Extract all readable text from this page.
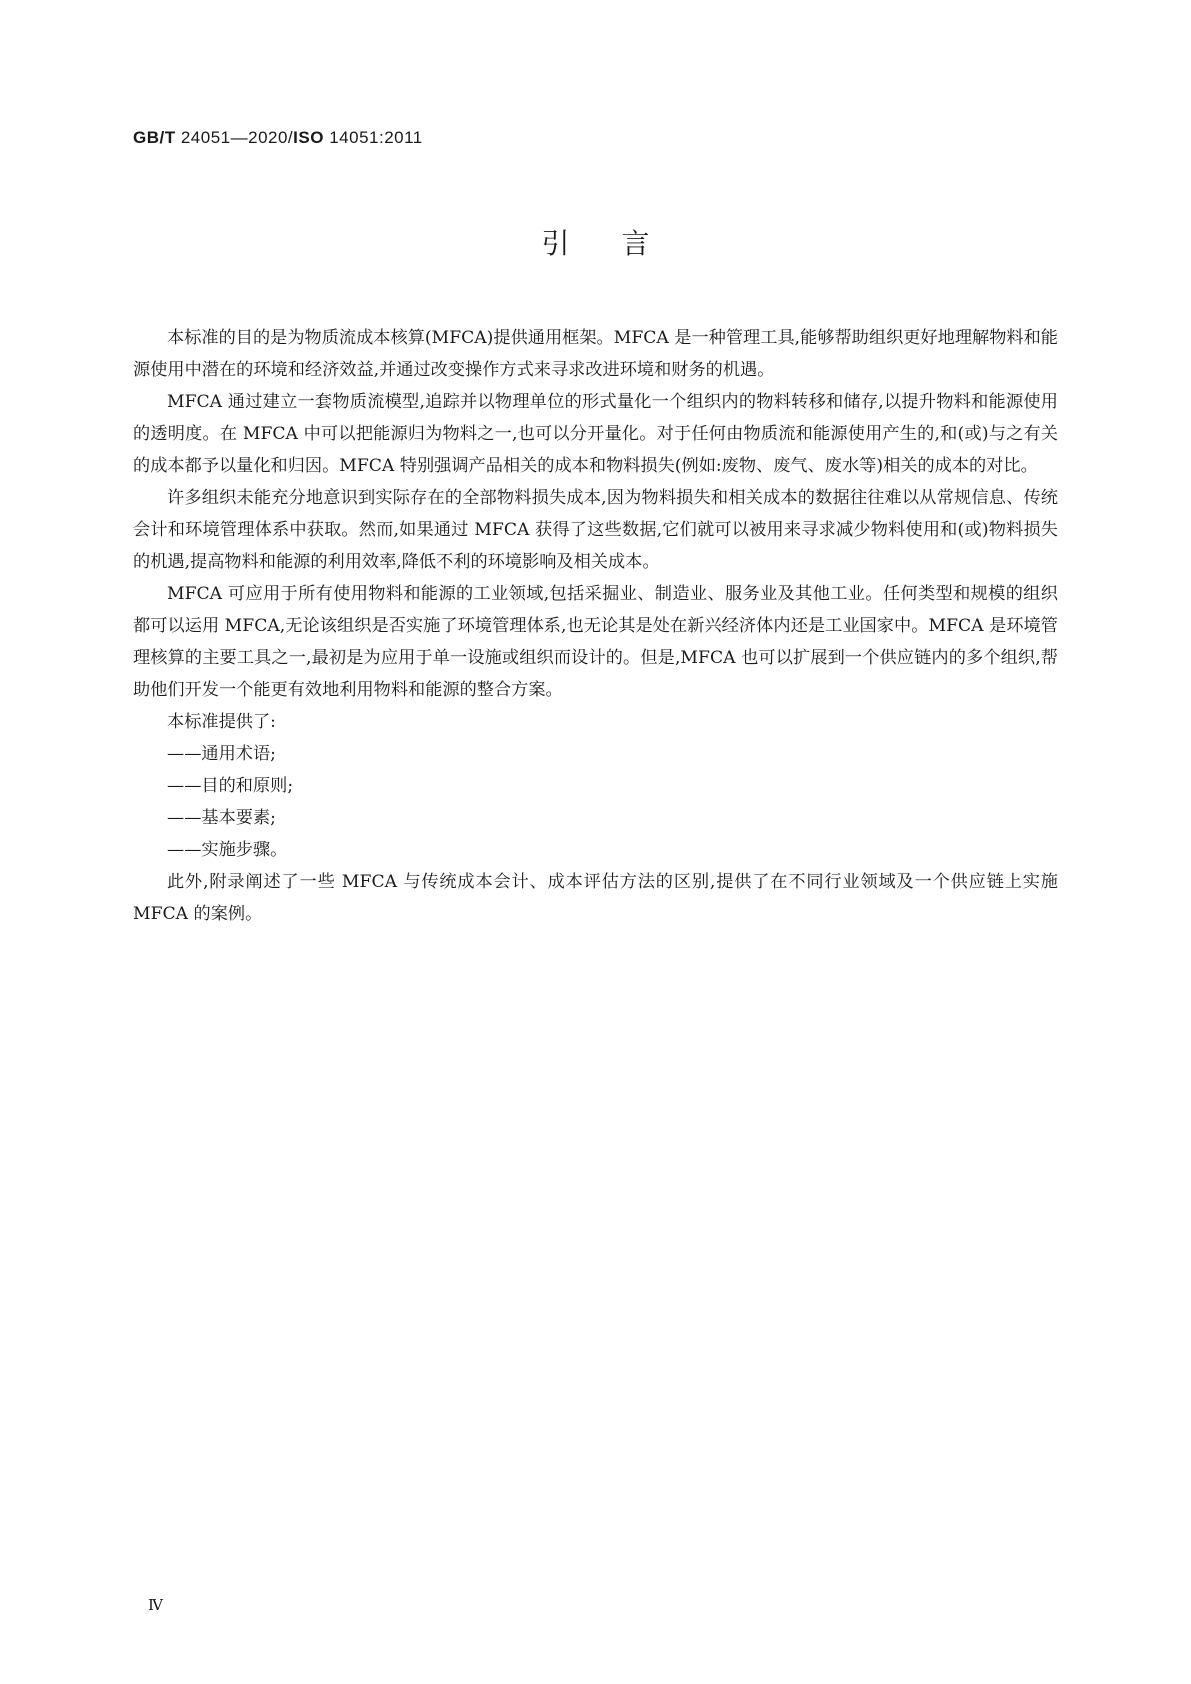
GB/T 24051—2020/ISO 14051:2011
引言

本标准的目的是为物质流成本核算(MFCA)提供通用框架。MFCA 是一种管理工具,能够帮助组织更好地理解物料和能源使用中潜在的环境和经济效益,并通过改变操作方式来寻求改进环境和财务的机遇。

MFCA 通过建立一套物质流模型,追踪并以物理单位的形式量化一个组织内的物料转移和储存,以提升物料和能源使用的透明度。在 MFCA 中可以把能源归为物料之一,也可以分开量化。对于任何由物质流和能源使用产生的,和(或)与之有关的成本都予以量化和归因。MFCA 特别强调产品相关的成本和物料损失(例如:废物、废气、废水等)相关的成本的对比。

许多组织未能充分地意识到实际存在的全部物料损失成本,因为物料损失和相关成本的数据往往难以从常规信息、传统会计和环境管理体系中获取。然而,如果通过 MFCA 获得了这些数据,它们就可以被用来寻求减少物料使用和(或)物料损失的机遇,提高物料和能源的利用效率,降低不利的环境影响及相关成本。

MFCA 可应用于所有使用物料和能源的工业领域,包括采掘业、制造业、服务业及其他工业。任何类型和规模的组织都可以运用 MFCA,无论该组织是否实施了环境管理体系,也无论其是处在新兴经济体内还是工业国家中。MFCA 是环境管理核算的主要工具之一,最初是为应用于单一设施或组织而设计的。但是,MFCA 也可以扩展到一个供应链内的多个组织,帮助他们开发一个能更有效地利用物料和能源的整合方案。

本标准提供了:

——通用术语;
——目的和原则;
——基本要素;
——实施步骤。

此外,附录阐述了一些 MFCA 与传统成本会计、成本评估方法的区别,提供了在不同行业领域及一个供应链上实施 MFCA 的案例。

Ⅳ
